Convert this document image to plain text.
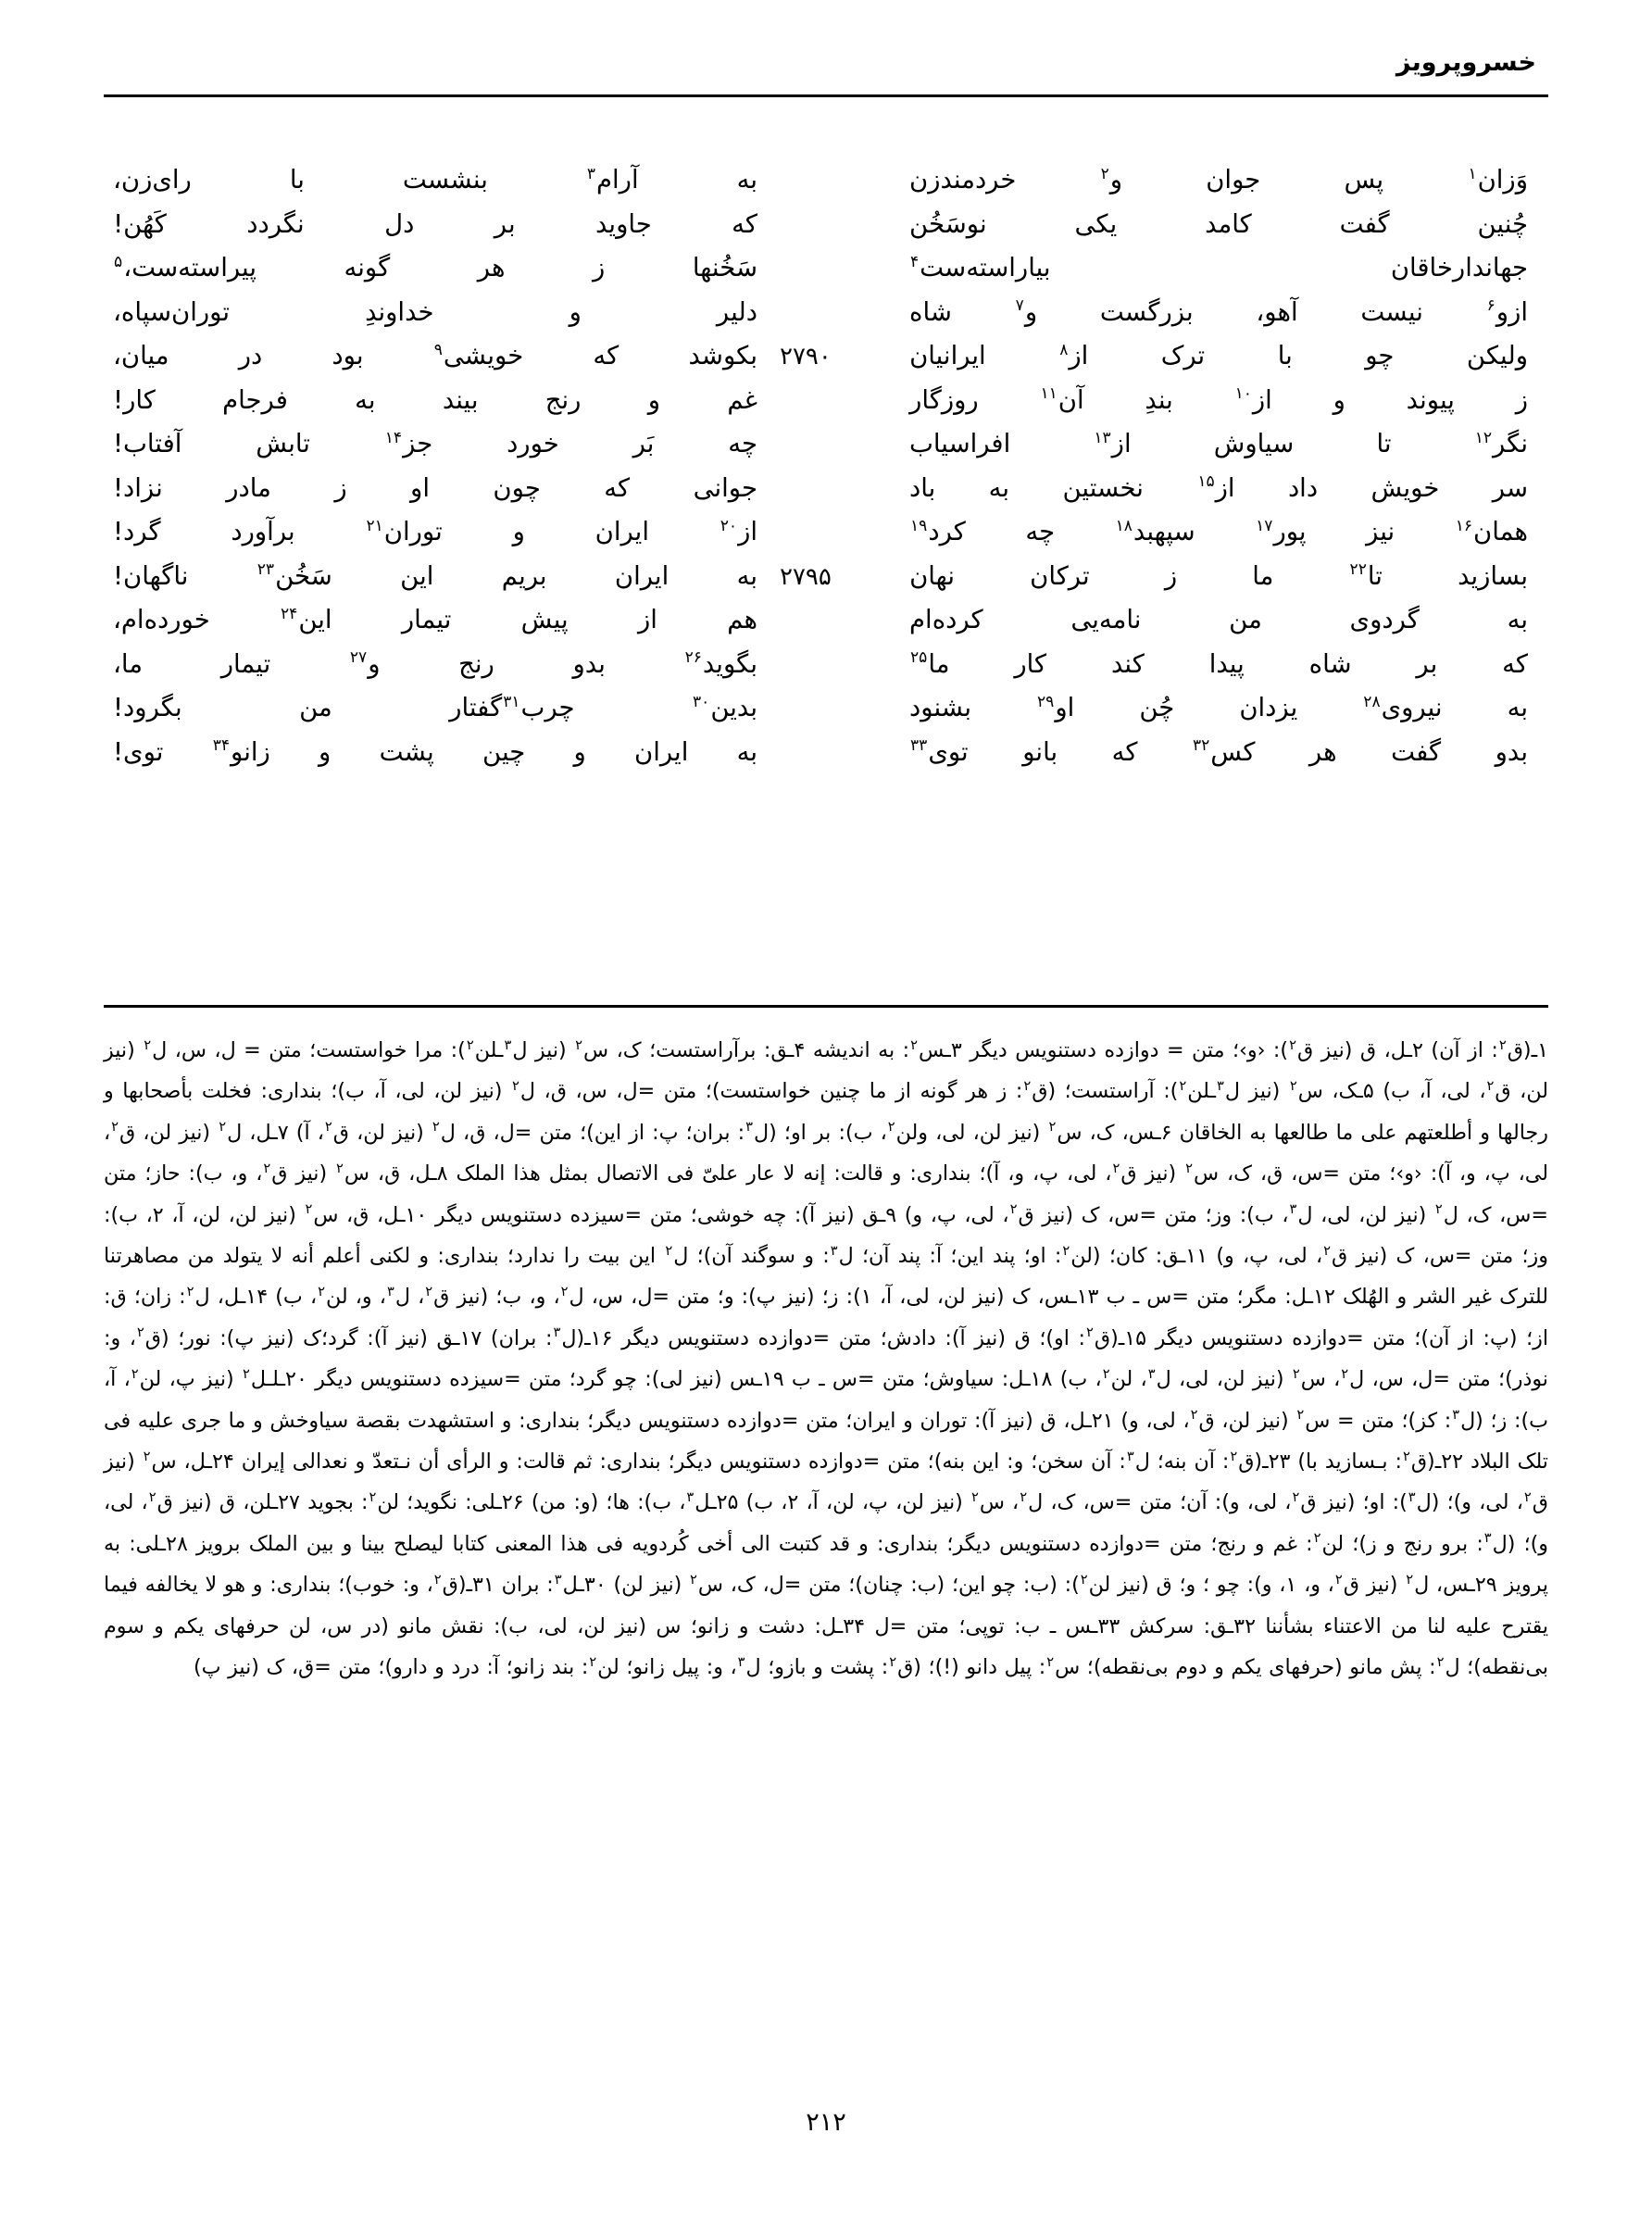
خسروپرویز
وَزان$^۱$
پس
جوان
و$^۲$
خردمندزن
به
آرام$^۳$
بنشست
با
رای‌زن،
چُنین
گفت
کامد
یکی
نوسَخُن
که
جاوید
بر
دل
نگردد
کَهُن!
جهاندارخاقان
بیاراسته‌ست$^۴$
سَخُنها
ز
هر
گونه
پیراسته‌ست،$^۵$
ازو$^۶$
نیست
آهو،
بزرگست
و$^۷$
شاه
دلیر
و
خداوندِ
توران‌سپاه،
ولیکن
چو
با
ترک
از$^۸$
ایرانیان
۲۷۹۰
بکوشد
که
خویشی$^۹$
بود
در
میان،
ز
پیوند
و
از$^{۱۰}$
بندِ
آن$^{۱۱}$
روزگار
غم
و
رنج
بیند
به
فرجام
کار!
نگر$^{۱۲}$
تا
سیاوش
از$^{۱۳}$
افراسیاب
چه
بَر
خورد
جز$^{۱۴}$
تابش
آفتاب!
سر
خویش
داد
از$^{۱۵}$
نخستین
به
باد
جوانی
که
چون
او
ز
مادر
نزاد!
همان$^{۱۶}$
نیز
پور$^{۱۷}$
سپهبد$^{۱۸}$
چه
کرد$^{۱۹}$
از$^{۲۰}$
ایران
و
توران$^{۲۱}$
برآورد
گرد!
بسازید
تا$^{۲۲}$
ما
ز
ترکان
نهان
۲۷۹۵
به
ایران
بریم
این
سَخُن$^{۲۳}$
ناگهان!
به
گردوی
من
نامه‌یی
کرده‌ام
هم
از
پیش
تیمار
این$^{۲۴}$
خورده‌ام،
که
بر
شاه
پیدا
کند
کار
ما$^{۲۵}$
بگوید$^{۲۶}$
بدو
رنج
و$^{۲۷}$
تیمار
ما،
به
نیروی$^{۲۸}$
یزدان
چُن
او$^{۲۹}$
بشنود
بدین$^{۳۰}$
چرب$^{۳۱}$گفتار
من
بگرود!
بدو
گفت
هر
کس$^{۳۲}$
که
بانو
توی$^{۳۳}$
به
ایران
و
چین
پشت
و
زانو$^{۳۴}$
توی!
۱ـ(ق$^۲$: از آن) ۲ـل، ق (نیز ق$^۲$): ‹و›؛ متن = دوازده دستنویس دیگر ۳ـس$^۲$: به اندیشه ۴ـق: برآراستست؛ ک، س$^۲$ (نیز ل$^۳$ـلن$^۲$): مرا خواستست؛ متن = ل، س، ل$^۲$ (نیز لن، ق$^۲$، لی، آ، ب) ۵ـک، س$^۲$ (نیز ل$^۳$ـلن$^۲$): آراستست؛ (ق$^۲$: ز هر گونه از ما چنین خواستست)؛ متن =ل، س، ق، ل$^۲$ (نیز لن، لی، آ، ب)؛ بنداری: فخلت بأصحابها و رجالها و أطلعتهم علی ما طالعها به الخاقان ۶ـس، ک، س$^۲$ (نیز لن، لی، ولن$^۲$، ب): بر او؛ (ل$^۳$: بران؛ پ: از این)؛ متن =ل، ق، ل$^۲$ (نیز لن، ق$^۲$، آ) ۷ـل، ل$^۲$ (نیز لن، ق$^۲$، لی، پ، و، آ): ‹و›؛ متن =س، ق، ک، س$^۲$ (نیز ق$^۲$، لی، پ، و، آ)؛ بنداری: و قالت: إنه لا عار علیّ فی الاتصال بمثل هذا الملک ۸ـل، ق، س$^۲$ (نیز ق$^۲$، و، ب): حاز؛ متن =س، ک، ل$^۲$ (نیز لن، لی، ل$^۳$، ب): وز؛ متن =س، ک (نیز ق$^۲$، لی، پ، و) ۹ـق (نیز آ): چه خوشی؛ متن =سیزده دستنویس دیگر ۱۰ـل، ق، س$^۲$ (نیز لن، لن، آ، ۲، ب): وز؛ متن =س، ک (نیز ق$^۲$، لی، پ، و) ۱۱ـق: کان؛ (لن$^۲$: او؛ پند این؛ آ: پند آن؛ ل$^۳$: و سوگند آن)؛ ل$^۲$ این بیت را ندارد؛ بنداری: و لکنی أعلم أنه لا یتولد من مصاهرتنا للترک غیر الشر و الهُلک ۱۲ـل: مگر؛ متن =س ـ ب ۱۳ـس، ک (نیز لن، لی، آ، ۱): ز؛ (نیز پ): و؛ متن =ل، س، ل$^۲$، و، ب؛ (نیز ق$^۲$، ل$^۳$، و، لن$^۲$، ب) ۱۴ـل، ل$^۲$: زان؛ ق: از؛ (پ: از آن)؛ متن =دوازده دستنویس دیگر ۱۵ـ(ق$^۲$: او)؛ ق (نیز آ): دادش؛ متن =دوازده دستنویس دیگر ۱۶ـ(ل$^۳$: بران) ۱۷ـق (نیز آ): گرد؛ک (نیز پ): نور؛ (ق$^۲$، و: نوذر)؛ متن =ل، س، ل$^۲$، س$^۲$ (نیز لن، لی، ل$^۳$، لن$^۲$، ب) ۱۸ـل: سیاوش؛ متن =س ـ ب ۱۹ـس (نیز لی): چو گرد؛ متن =سیزده دستنویس دیگر ۲۰ـلـل$^۲$ (نیز پ، لن$^۲$، آ، ب): ز؛ (ل$^۳$: کز)؛ متن = س$^۲$ (نیز لن، ق$^۲$، لی، و) ۲۱ـل، ق (نیز آ): توران و ایران؛ متن =دوازده دستنویس دیگر؛ بنداری: و استشهدت بقصة سیاوخش و ما جری علیه فی تلک البلاد ۲۲ـ(ق$^۲$: بـسازید با) ۲۳ـ(ق$^۲$: آن بنه؛ ل$^۳$: آن سخن؛ و: این بنه)؛ متن =دوازده دستنویس دیگر؛ بنداری: ثم قالت: و الرأی أن نـتعدّ و نعدالی إیران ۲۴ـل، س$^۲$ (نیز ق$^۲$، لی، و)؛ (ل$^۳$): او؛ (نیز ق$^۲$، لی، و): آن؛ متن =س، ک، ل$^۲$، س$^۲$ (نیز لن، پ، لن، آ، ۲، ب) ۲۵ـل$^۳$، ب): ها؛ (و: من) ۲۶ـلی: نگوید؛ لن$^۲$: بجوید ۲۷ـلن، ق (نیز ق$^۲$، لی، و)؛ (ل$^۳$: برو رنج و ز)؛ لن$^۲$: غم و رنج؛ متن =دوازده دستنویس دیگر؛ بنداری: و قد کتبت الی أخی کُردویه فی هذا المعنی کتابا لیصلح بینا و بین الملک برویز ۲۸ـلی: به پرویز ۲۹ـس، ل$^۲$ (نیز ق$^۲$، و، ۱، و): چو ؛ و؛ ق (نیز لن$^۲$): (ب: چو این؛ (ب: چنان)؛ متن =ل، ک، س$^۲$ (نیز لن) ۳۰ـل$^۳$: بران ۳۱ـ(ق$^۲$، و: خوب)؛ بنداری: و هو لا یخالفه فیما یقترح علیه لنا من الاعتناء بشأننا ۳۲ـق: سرکش ۳۳ـس ـ ب: توپی؛ متن =ل ۳۴ـل: دشت و زانو؛ س (نیز لن، لی، ب): نقش مانو (در س، لن حرفهای یکم و سوم بی‌نقطه)؛ ل$^۲$: پش مانو (حرفهای یکم و دوم بی‌نقطه)؛ س$^۲$: پیل دانو (!)؛ (ق$^۲$: پشت و بازو؛ ل$^۳$، و: پیل زانو؛ لن$^۲$: بند زانو؛ آ: درد و دارو)؛ متن =ق، ک (نیز پ)
۲۱۲
